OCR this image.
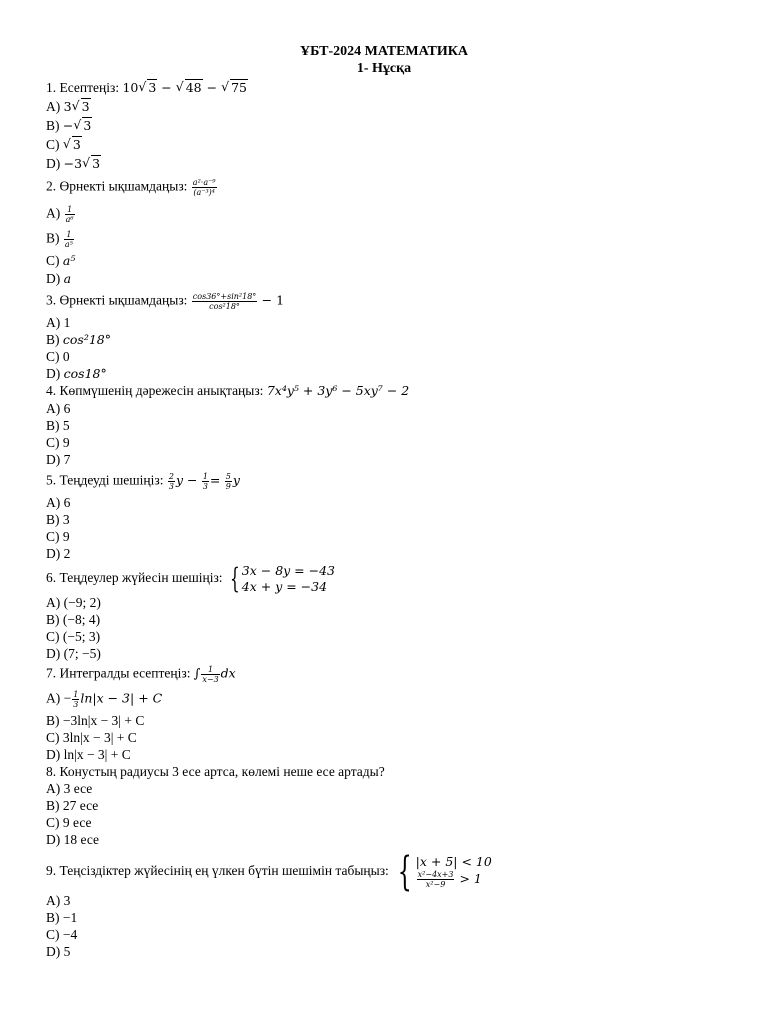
ҰБТ-2024 МАТЕМАТИКА
1- Нұсқа
1. Есептеңіз: 10 √ 3 − √ 48 − √ 75
A) 3 √ 3
B) − √ 3
C) √ 3
D) −3 √ 3
2. Өрнекті ықшамдаңыз: $\frac{\text{a²·a⁻⁹}}{\text{(a⁻³)⁴}}$
$A) \frac{1}{\text{a⁶}}$
$B) \frac{1}{\text{a⁵}}$
C) a⁵
D) a
3. Өрнекті ықшамдаңыз: $\frac{\text{cos36°+sin²18°}}{\text{cos²18°}} - 1$
A) 1
B) cos²18°
C) 0
D) cos18°
4. Көпмүшенің дәрежесін анықтаңыз: 7x⁴y⁵ + 3y⁶ − 5xy⁷ − 2
A) 6
B) 5
C) 9
D) 7
5. Теңдеуді шешіңіз: $\frac{2}{3}$ $y - \frac{1}{3} = \frac{5}{9}$ y
A) 6
B) 3
C) 9
D) 2
6. Теңдеулер жүйесін шешіңіз: { 3x − 8y = −43
4x + y = −34
A) (−9; 2)
B) (−8; 4)
C) (−5; 3)
D) (7; −5)
7. Интегралды есептеңіз: ∫ $\frac{1}{x-3}$ dx
$A) - \frac{1}{3} \ln|x - 3| + C$
B) −3ln|x − 3| + C
C) 3ln|x − 3| + C
D) ln|x − 3| + C
8. Конустың радиусы 3 есе артса, көлемі неше есе артады?
A) 3 есе
B) 27 есе
C) 9 есе
D) 18 есе
9. Теңсіздіктер жүйесінің ең үлкен бүтін шешімін табыңыз: { |x + 5| < 10
$\frac{\text{x²−4x+3}}{\text{x²−9}} > 1$
A) 3
B) −1
C) −4
D) 5
